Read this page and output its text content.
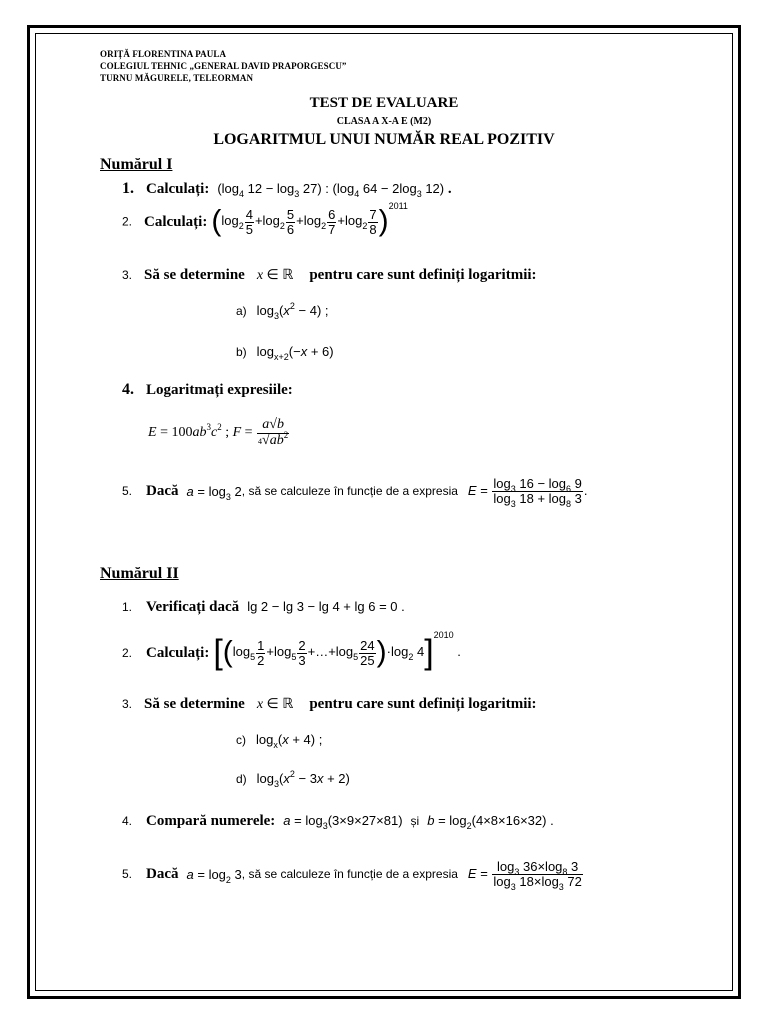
ORIȚĂ FLORENTINA PAULA
COLEGIUL TEHNIC „GENERAL DAVID PRAPORGESCU”
TURNU MĂGURELE, TELEORMAN
TEST DE EVALUARE
CLASA A X-A E (M2)
LOGARITMUL UNUI NUMĂR REAL POZITIV
Numărul I
1. Calculați: ($\log_4$ $12 - \log_3 27$) : ($\log_4$ $64 - 2\log_3$ 12) .
2. Calculați: $(\log_2 \frac{4}{5} +\log_2 \frac{5}{6} +\log_2 \frac{6}{7} +\log_2 \frac{7}{8} )^{2011}$
3. Să se determine x ∈ ℝ pentru care sunt definiți logaritmii:
a) $\log_3(x^2 - 4)$ ;
b) $\log_{x+2}(-x + 6)$
4. Logaritmați expresiile:
$E = 100ab^3c^2$ ; $F = \frac{a√b}{4√ab^2}$
5. Dacă $a = \log_3 2$, să se calculeze în funcție de a expresia $E = \frac{\log_3 16 - \log_6 9}{\log_3 18 + \log_8 3}$ .
Numărul II
1. Verificați dacă lg 2 − lg 3 − lg 4 + lg 6 = 0 .
2. Calculați: [($\log_5 \frac{1}{2} +\log_5 \frac{2}{3}$ $+\dots+\log_5 \frac{24}{25} )\cdot\log_2$ 4]$^{2010}$ .
3. Să se determine x ∈ ℝ pentru care sunt definiți logaritmii:
c) $\log_x(x + 4)$ ;
d) $\log_3(x^2 - 3x + 2)$
4. Compară numerele: $a = \log_3(3\times 9\times 27\times 81)$ și $b = \log_2(4\times 8\times 16\times 32)$ .
5. Dacă $a = \log_2 3$, să se calculeze în funcție de a expresia $E = \frac{\log_3 36\times\log_8 3}{\log_3 18\times\log_3 72}$
